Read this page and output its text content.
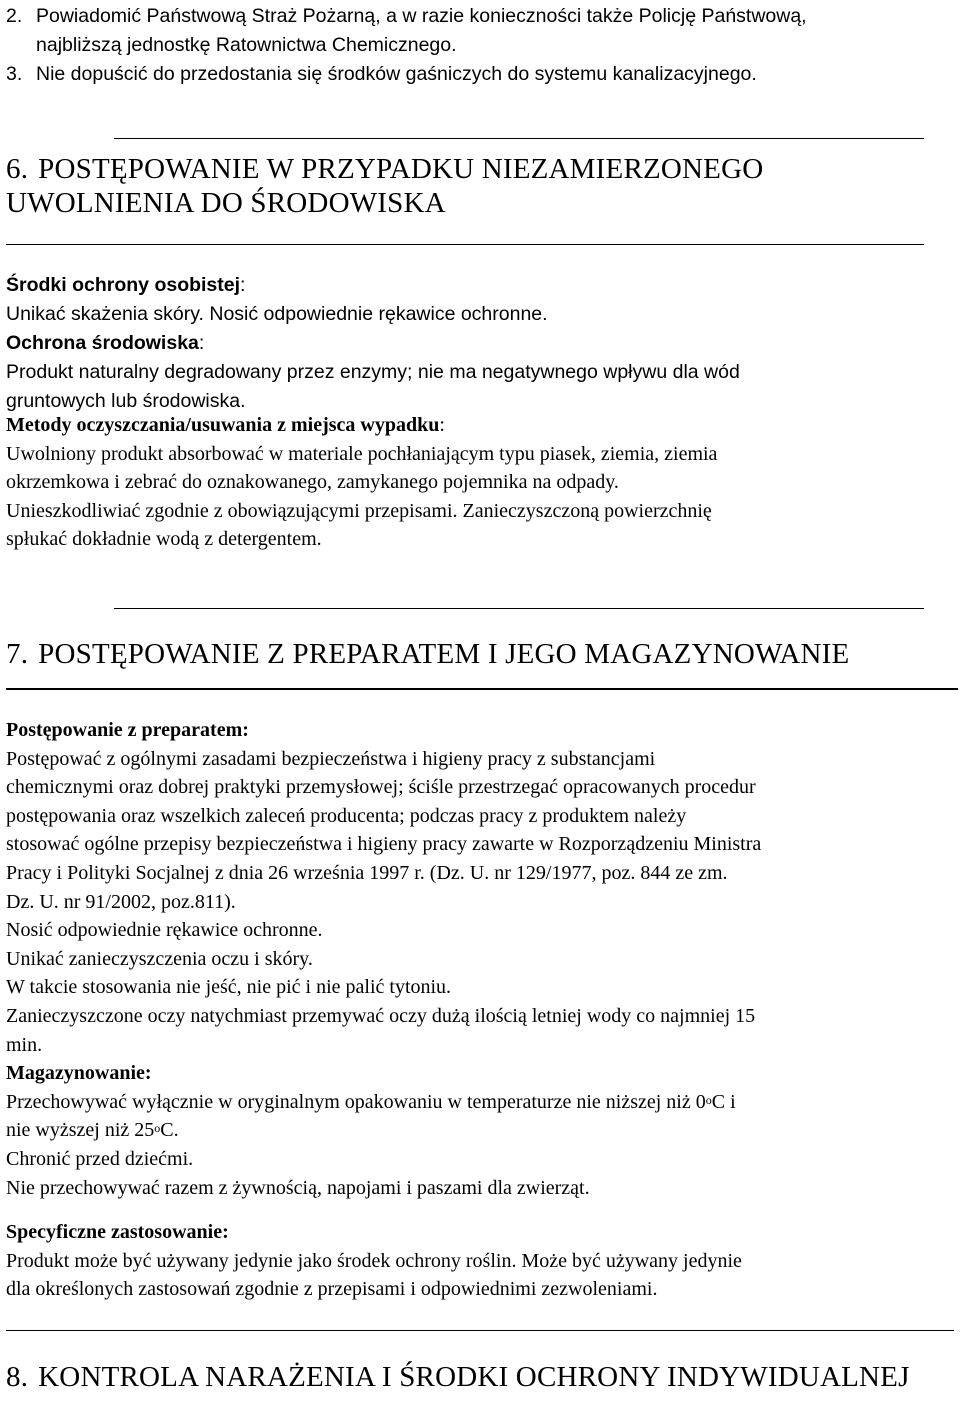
2. Powiadomić Państwową Straż Pożarną, a w razie konieczności także Policję Państwową,
najbliższą jednostkę Ratownictwa Chemicznego.
3. Nie dopuścić do przedostania się środków gaśniczych do systemu kanalizacyjnego.
6. POSTĘPOWANIE W PRZYPADKU NIEZAMIERZONEGO
UWOLNIENIA DO ŚRODOWISKA
Środki ochrony osobistej:
Unikać skażenia skóry. Nosić odpowiednie rękawice ochronne.
Ochrona środowiska:
Produkt naturalny degradowany przez enzymy; nie ma negatywnego wpływu dla wód
gruntowych lub środowiska.
Metody oczyszczania/usuwania z miejsca wypadku:
Uwolniony produkt absorbować w materiale pochłaniającym typu piasek, ziemia, ziemia
okrzemkowa i zebrać do oznakowanego, zamykanego pojemnika na odpady.
Unieszkodliwiać zgodnie z obowiązującymi przepisami. Zanieczyszczoną powierzchnię
spłukać dokładnie wodą z detergentem.
7. POSTĘPOWANIE Z PREPARATEM I JEGO MAGAZYNOWANIE
Postępowanie z preparatem:
Postępować z ogólnymi zasadami bezpieczeństwa i higieny pracy z substancjami
chemicznymi oraz dobrej praktyki przemysłowej; ściśle przestrzegać opracowanych procedur
postępowania oraz wszelkich zaleceń producenta; podczas pracy z produktem należy
stosować ogólne przepisy bezpieczeństwa i higieny pracy zawarte w Rozporządzeniu Ministra
Pracy i Polityki Socjalnej z dnia 26 września 1997 r. (Dz. U. nr 129/1977, poz. 844 ze zm.
Dz. U. nr 91/2002, poz.811).
Nosić odpowiednie rękawice ochronne.
Unikać zanieczyszczenia oczu i skóry.
W takcie stosowania nie jeść, nie pić i nie palić tytoniu.
Zanieczyszczone oczy natychmiast przemywać oczy dużą ilością letniej wody co najmniej 15
min.
Magazynowanie:
Przechowywać wyłącznie w oryginalnym opakowaniu w temperaturze nie niższej niż 0$^o$C i
nie wyższej niż 25$^o$C.
Chronić przed dziećmi.
Nie przechowywać razem z żywnością, napojami i paszami dla zwierząt.
Specyficzne zastosowanie:
Produkt może być używany jedynie jako środek ochrony roślin. Może być używany jedynie
dla określonych zastosowań zgodnie z przepisami i odpowiednimi zezwoleniami.
8. KONTROLA NARAŻENIA I ŚRODKI OCHRONY INDYWIDUALNEJ
